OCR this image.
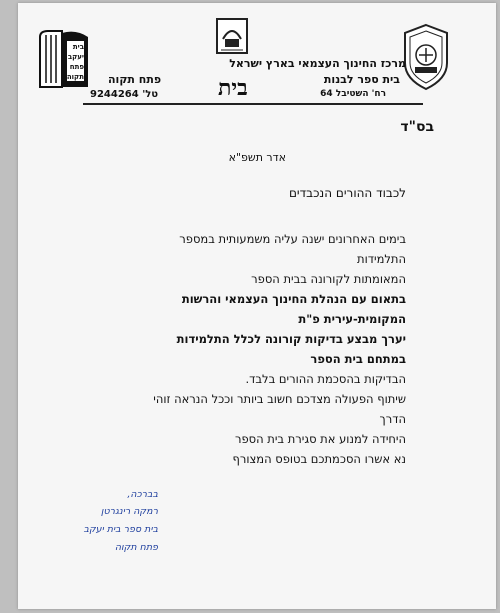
בית
יעקב
פתח
תקוה
מרכז החינוך העצמאי בארץ ישראל
בית ספר לבנות
רח' השטיבל 64
בית
פתח תקוה
טל' 9244264
בס"ד
אדר תשפ"א
לכבוד ההורים הנכבדים
בימים האחרונים ישנה עליה משמעותית במספר
התלמידות
המאומתות לקורונה בבית הספר
בתאום עם הנהלת החינוך העצמאי והרשות
המקומית-עירית פ"ת
יערך מבצע בדיקות קורונה לכלל התלמידות
במתחם בית הספר
הבדיקות בהסכמת ההורים בלבד.
שיתוף הפעולה מצדכם חשוב ביותר וככל הנראה זוהי
הדרך
היחידה למנוע את סגירת בית הספר
נא אשרו הסכמתכם בטופס המצורף
בברכה,
רמקה רינגרטן
בית ספר בית יעקב
פתח תקוה
